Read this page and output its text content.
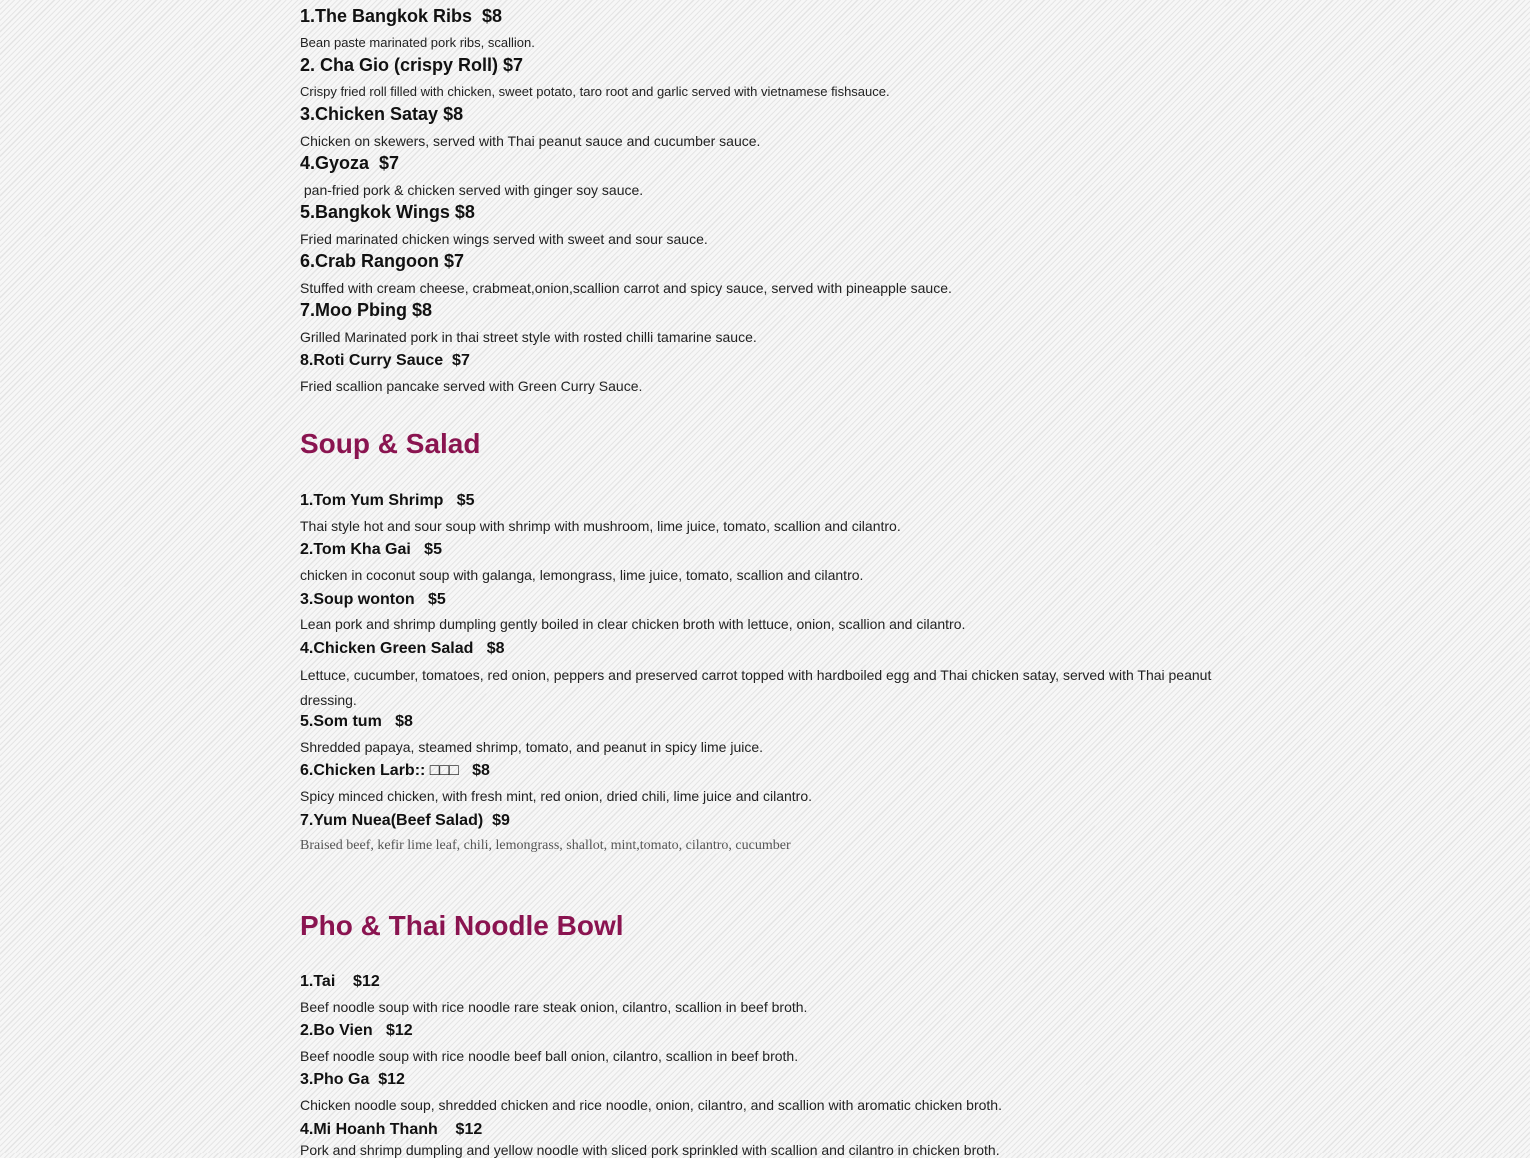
1.The Bangkok Ribs  $8

Bean paste marinated pork ribs, scallion.

2. Cha Gio (crispy Roll) $7

Crispy fried roll filled with chicken, sweet potato, taro root and garlic served with vietnamese fishsauce.

3.Chicken Satay $8

Chicken on skewers, served with Thai peanut sauce and cucumber sauce.

4.Gyoza  $7

pan-fried pork & chicken served with ginger soy sauce.

5.Bangkok Wings $8

Fried marinated chicken wings served with sweet and sour sauce.

6.Crab Rangoon $7

Stuffed with cream cheese, crabmeat,onion,scallion carrot and spicy sauce, served with pineapple sauce.

7.Moo Pbing $8

Grilled Marinated pork in thai street style with rosted chilli tamarine sauce.

8.Roti Curry Sauce  $7

Fried scallion pancake served with Green Curry Sauce.

Soup & Salad

1.Tom Yum Shrimp   $5

Thai style hot and sour soup with shrimp with mushroom, lime juice, tomato, scallion and cilantro.

2.Tom Kha Gai   $5

chicken in coconut soup with galanga, lemongrass, lime juice, tomato, scallion and cilantro.

3.Soup wonton   $5

Lean pork and shrimp dumpling gently boiled in clear chicken broth with lettuce, onion, scallion and cilantro.

4.Chicken Green Salad   $8

Lettuce, cucumber, tomatoes, red onion, peppers and preserved carrot topped with hardboiled egg and Thai chicken satay, served with Thai peanut dressing.

5.Som tum   $8

Shredded papaya, steamed shrimp, tomato, and peanut in spicy lime juice.

6.Chicken Larb:: □□□   $8

Spicy minced chicken, with fresh mint, red onion, dried chili, lime juice and cilantro.

7.Yum Nuea(Beef Salad)  $9

Braised beef, kefir lime leaf, chili, lemongrass, shallot, mint,tomato, cilantro, cucumber

Pho & Thai Noodle Bowl

1.Tai    $12

Beef noodle soup with rice noodle rare steak onion, cilantro, scallion in beef broth.

2.Bo Vien   $12

Beef noodle soup with rice noodle beef ball onion, cilantro, scallion in beef broth.

3.Pho Ga  $12

Chicken noodle soup, shredded chicken and rice noodle, onion, cilantro, and scallion with aromatic chicken broth.

4.Mi Hoanh Thanh    $12

Pork and shrimp dumpling and yellow noodle with sliced pork sprinkled with scallion and cilantro in chicken broth.
